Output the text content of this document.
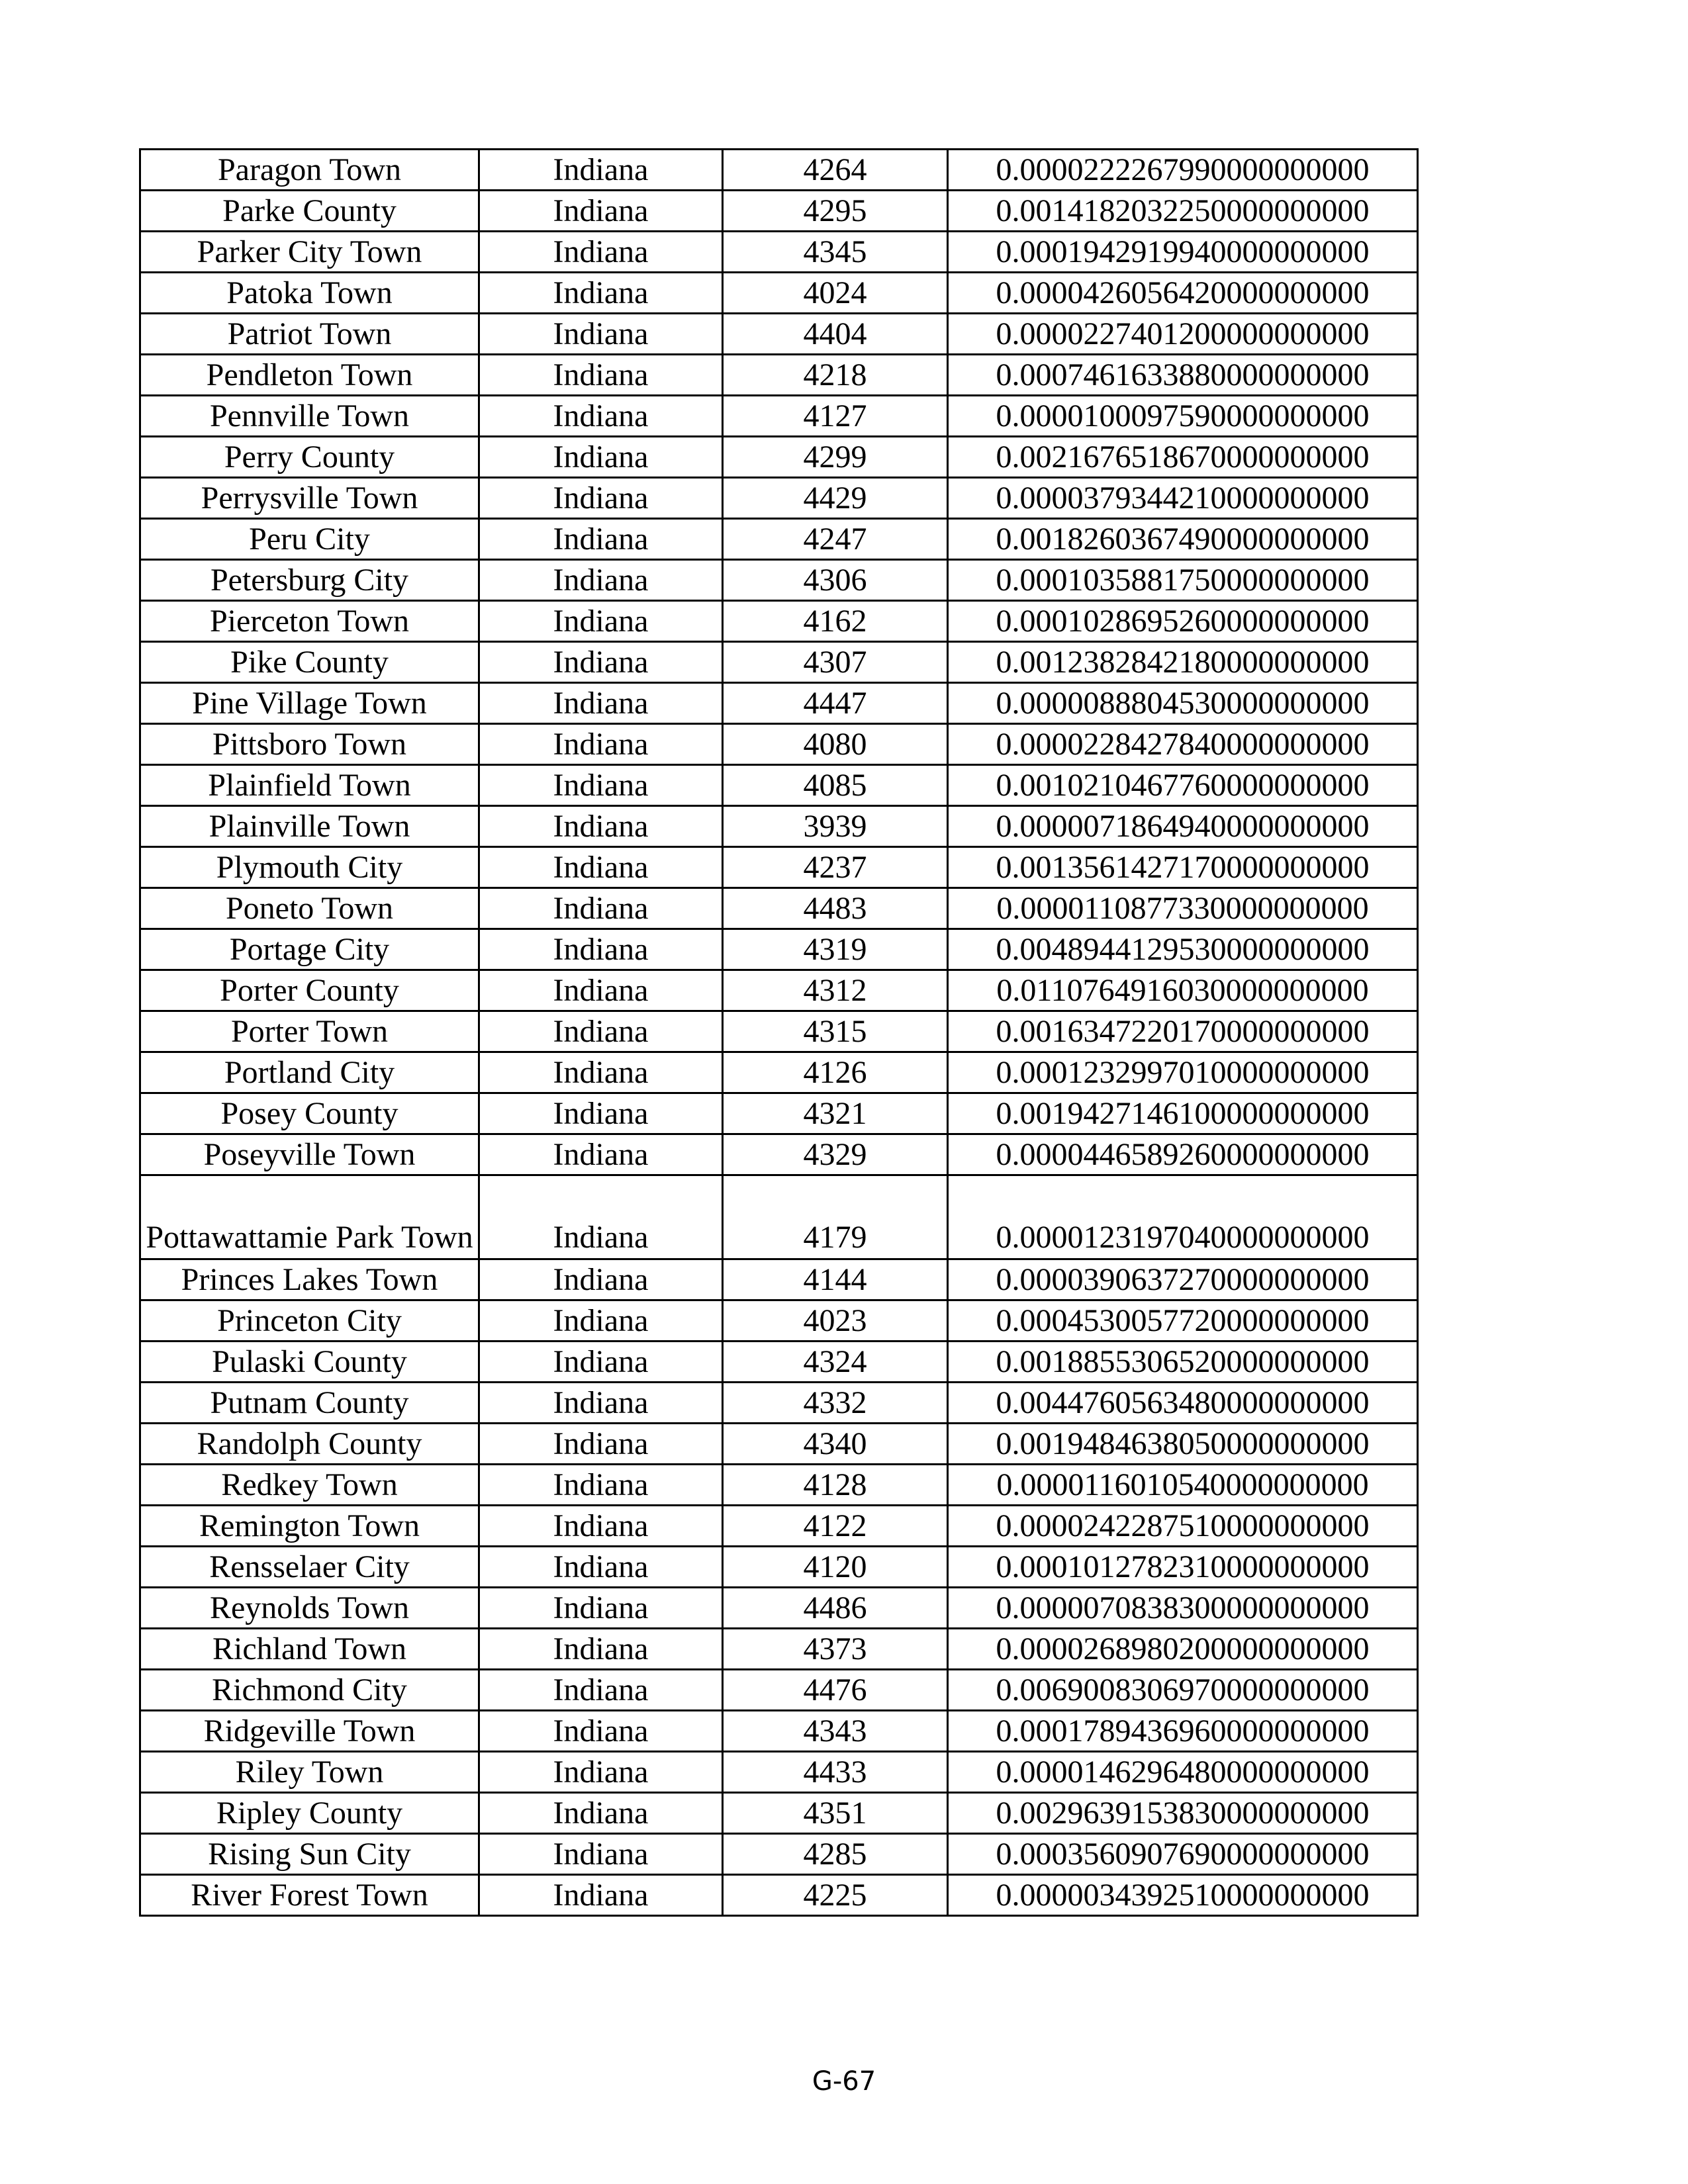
Paragon Town	Indiana	4264	0.0000222267990000000000
Parke County	Indiana	4295	0.0014182032250000000000
Parker City Town	Indiana	4345	0.0001942919940000000000
Patoka Town	Indiana	4024	0.0000426056420000000000
Patriot Town	Indiana	4404	0.0000227401200000000000
Pendleton Town	Indiana	4218	0.0007461633880000000000
Pennville Town	Indiana	4127	0.0000100097590000000000
Perry County	Indiana	4299	0.0021676518670000000000
Perrysville Town	Indiana	4429	0.0000379344210000000000
Peru City	Indiana	4247	0.0018260367490000000000
Petersburg City	Indiana	4306	0.0001035881750000000000
Pierceton Town	Indiana	4162	0.0001028695260000000000
Pike County	Indiana	4307	0.0012382842180000000000
Pine Village Town	Indiana	4447	0.0000088804530000000000
Pittsboro Town	Indiana	4080	0.0000228427840000000000
Plainfield Town	Indiana	4085	0.0010210467760000000000
Plainville Town	Indiana	3939	0.0000071864940000000000
Plymouth City	Indiana	4237	0.0013561427170000000000
Poneto Town	Indiana	4483	0.0000110877330000000000
Portage City	Indiana	4319	0.0048944129530000000000
Porter County	Indiana	4312	0.0110764916030000000000
Porter Town	Indiana	4315	0.0016347220170000000000
Portland City	Indiana	4126	0.0001232997010000000000
Posey County	Indiana	4321	0.0019427146100000000000
Poseyville Town	Indiana	4329	0.0000446589260000000000
Pottawattamie Park Town	Indiana	4179	0.0000123197040000000000
Princes Lakes Town	Indiana	4144	0.0000390637270000000000
Princeton City	Indiana	4023	0.0004530057720000000000
Pulaski County	Indiana	4324	0.0018855306520000000000
Putnam County	Indiana	4332	0.0044760563480000000000
Randolph County	Indiana	4340	0.0019484638050000000000
Redkey Town	Indiana	4128	0.0000116010540000000000
Remington Town	Indiana	4122	0.0000242287510000000000
Rensselaer City	Indiana	4120	0.0001012782310000000000
Reynolds Town	Indiana	4486	0.0000070838300000000000
Richland Town	Indiana	4373	0.0000268980200000000000
Richmond City	Indiana	4476	0.0069008306970000000000
Ridgeville Town	Indiana	4343	0.0001789436960000000000
Riley Town	Indiana	4433	0.0000146296480000000000
Ripley County	Indiana	4351	0.0029639153830000000000
Rising Sun City	Indiana	4285	0.0003560907690000000000
River Forest Town	Indiana	4225	0.0000034392510000000000
G-67
